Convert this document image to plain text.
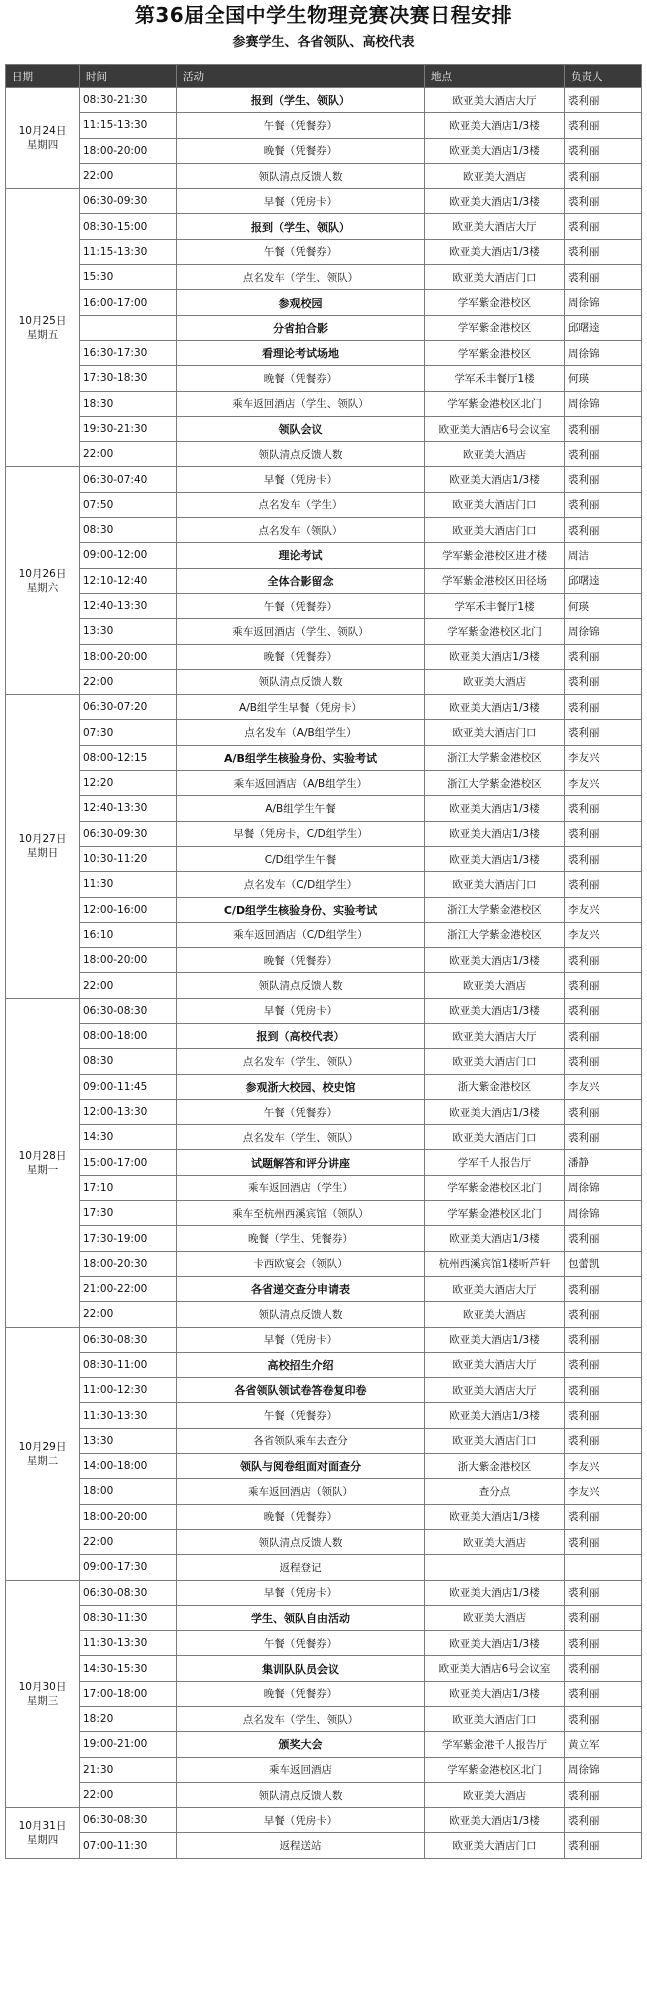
第36届全国中学生物理竞赛决赛日程安排
参赛学生、各省领队、高校代表
日期	时间	活动	地点	负责人

10月24日
星期四	08:30-21:30	报到（学生、领队）	欧亚美大酒店大厅	裘利丽
	11:15-13:30	午餐（凭餐券）	欧亚美大酒店1/3楼	裘利丽
	18:00-20:00	晚餐（凭餐券）	欧亚美大酒店1/3楼	裘利丽
	22:00	领队清点反馈人数	欧亚美大酒店	裘利丽

10月25日
星期五	06:30-09:30	早餐（凭房卡）	欧亚美大酒店1/3楼	裘利丽
	08:30-15:00	报到（学生、领队）	欧亚美大酒店大厅	裘利丽
	11:15-13:30	午餐（凭餐券）	欧亚美大酒店1/3楼	裘利丽
	15:30	点名发车（学生、领队）	欧亚美大酒店门口	裘利丽
	16:00-17:00	参观校园	学军紫金港校区	周徐锦
		分省拍合影	学军紫金港校区	邱曙逵
	16:30-17:30	看理论考试场地	学军紫金港校区	周徐锦
	17:30-18:30	晚餐（凭餐券）	学军禾丰餐厅1楼	何瑛
	18:30	乘车返回酒店（学生、领队）	学军紫金港校区北门	周徐锦
	19:30-21:30	领队会议	欧亚美大酒店6号会议室	裘利丽
	22:00	领队清点反馈人数	欧亚美大酒店	裘利丽

10月26日
星期六	06:30-07:40	早餐（凭房卡）	欧亚美大酒店1/3楼	裘利丽
	07:50	点名发车（学生）	欧亚美大酒店门口	裘利丽
	08:30	点名发车（领队）	欧亚美大酒店门口	裘利丽
	09:00-12:00	理论考试	学军紫金港校区进才楼	周洁
	12:10-12:40	全体合影留念	学军紫金港校区田径场	邱曙逵
	12:40-13:30	午餐（凭餐券）	学军禾丰餐厅1楼	何瑛
	13:30	乘车返回酒店（学生、领队）	学军紫金港校区北门	周徐锦
	18:00-20:00	晚餐（凭餐券）	欧亚美大酒店1/3楼	裘利丽
	22:00	领队清点反馈人数	欧亚美大酒店	裘利丽

10月27日
星期日	06:30-07:20	A/B组学生早餐（凭房卡）	欧亚美大酒店1/3楼	裘利丽
	07:30	点名发车（A/B组学生）	欧亚美大酒店门口	裘利丽
	08:00-12:15	A/B组学生核验身份、实验考试	浙江大学紫金港校区	李友兴
	12:20	乘车返回酒店（A/B组学生）	浙江大学紫金港校区	李友兴
	12:40-13:30	A/B组学生午餐	欧亚美大酒店1/3楼	裘利丽
	06:30-09:30	早餐（凭房卡，C/D组学生）	欧亚美大酒店1/3楼	裘利丽
	10:30-11:20	C/D组学生午餐	欧亚美大酒店1/3楼	裘利丽
	11:30	点名发车（C/D组学生）	欧亚美大酒店门口	裘利丽
	12:00-16:00	C/D组学生核验身份、实验考试	浙江大学紫金港校区	李友兴
	16:10	乘车返回酒店（C/D组学生）	浙江大学紫金港校区	李友兴
	18:00-20:00	晚餐（凭餐券）	欧亚美大酒店1/3楼	裘利丽
	22:00	领队清点反馈人数	欧亚美大酒店	裘利丽

10月28日
星期一	06:30-08:30	早餐（凭房卡）	欧亚美大酒店1/3楼	裘利丽
	08:00-18:00	报到（高校代表）	欧亚美大酒店大厅	裘利丽
	08:30	点名发车（学生、领队）	欧亚美大酒店门口	裘利丽
	09:00-11:45	参观浙大校园、校史馆	浙大紫金港校区	李友兴
	12:00-13:30	午餐（凭餐券）	欧亚美大酒店1/3楼	裘利丽
	14:30	点名发车（学生、领队）	欧亚美大酒店门口	裘利丽
	15:00-17:00	试题解答和评分讲座	学军千人报告厅	潘静
	17:10	乘车返回酒店（学生）	学军紫金港校区北门	周徐锦
	17:30	乘车至杭州西溪宾馆（领队）	学军紫金港校区北门	周徐锦
	17:30-19:00	晚餐（学生、凭餐券）	欧亚美大酒店1/3楼	裘利丽
	18:00-20:30	卡西欧宴会（领队）	杭州西溪宾馆1楼听芦轩	包蕾凯
	21:00-22:00	各省递交查分申请表	欧亚美大酒店大厅	裘利丽
	22:00	领队清点反馈人数	欧亚美大酒店	裘利丽

10月29日
星期二	06:30-08:30	早餐（凭房卡）	欧亚美大酒店1/3楼	裘利丽
	08:30-11:00	高校招生介绍	欧亚美大酒店大厅	裘利丽
	11:00-12:30	各省领队领试卷答卷复印卷	欧亚美大酒店大厅	裘利丽
	11:30-13:30	午餐（凭餐券）	欧亚美大酒店1/3楼	裘利丽
	13:30	各省领队乘车去查分	欧亚美大酒店门口	裘利丽
	14:00-18:00	领队与阅卷组面对面查分	浙大紫金港校区	李友兴
	18:00	乘车返回酒店（领队）	查分点	李友兴
	18:00-20:00	晚餐（凭餐券）	欧亚美大酒店1/3楼	裘利丽
	22:00	领队清点反馈人数	欧亚美大酒店	裘利丽
	09:00-17:30	返程登记		

10月30日
星期三	06:30-08:30	早餐（凭房卡）	欧亚美大酒店1/3楼	裘利丽
	08:30-11:30	学生、领队自由活动	欧亚美大酒店	裘利丽
	11:30-13:30	午餐（凭餐券）	欧亚美大酒店1/3楼	裘利丽
	14:30-15:30	集训队队员会议	欧亚美大酒店6号会议室	裘利丽
	17:00-18:00	晚餐（凭餐券）	欧亚美大酒店1/3楼	裘利丽
	18:20	点名发车（学生、领队）	欧亚美大酒店门口	裘利丽
	19:00-21:00	颁奖大会	学军紫金港千人报告厅	黄立军
	21:30	乘车返回酒店	学军紫金港校区北门	周徐锦
	22:00	领队清点反馈人数	欧亚美大酒店	裘利丽

10月31日
星期四	06:30-08:30	早餐（凭房卡）	欧亚美大酒店1/3楼	裘利丽
	07:00-11:30	返程送站	欧亚美大酒店门口	裘利丽
